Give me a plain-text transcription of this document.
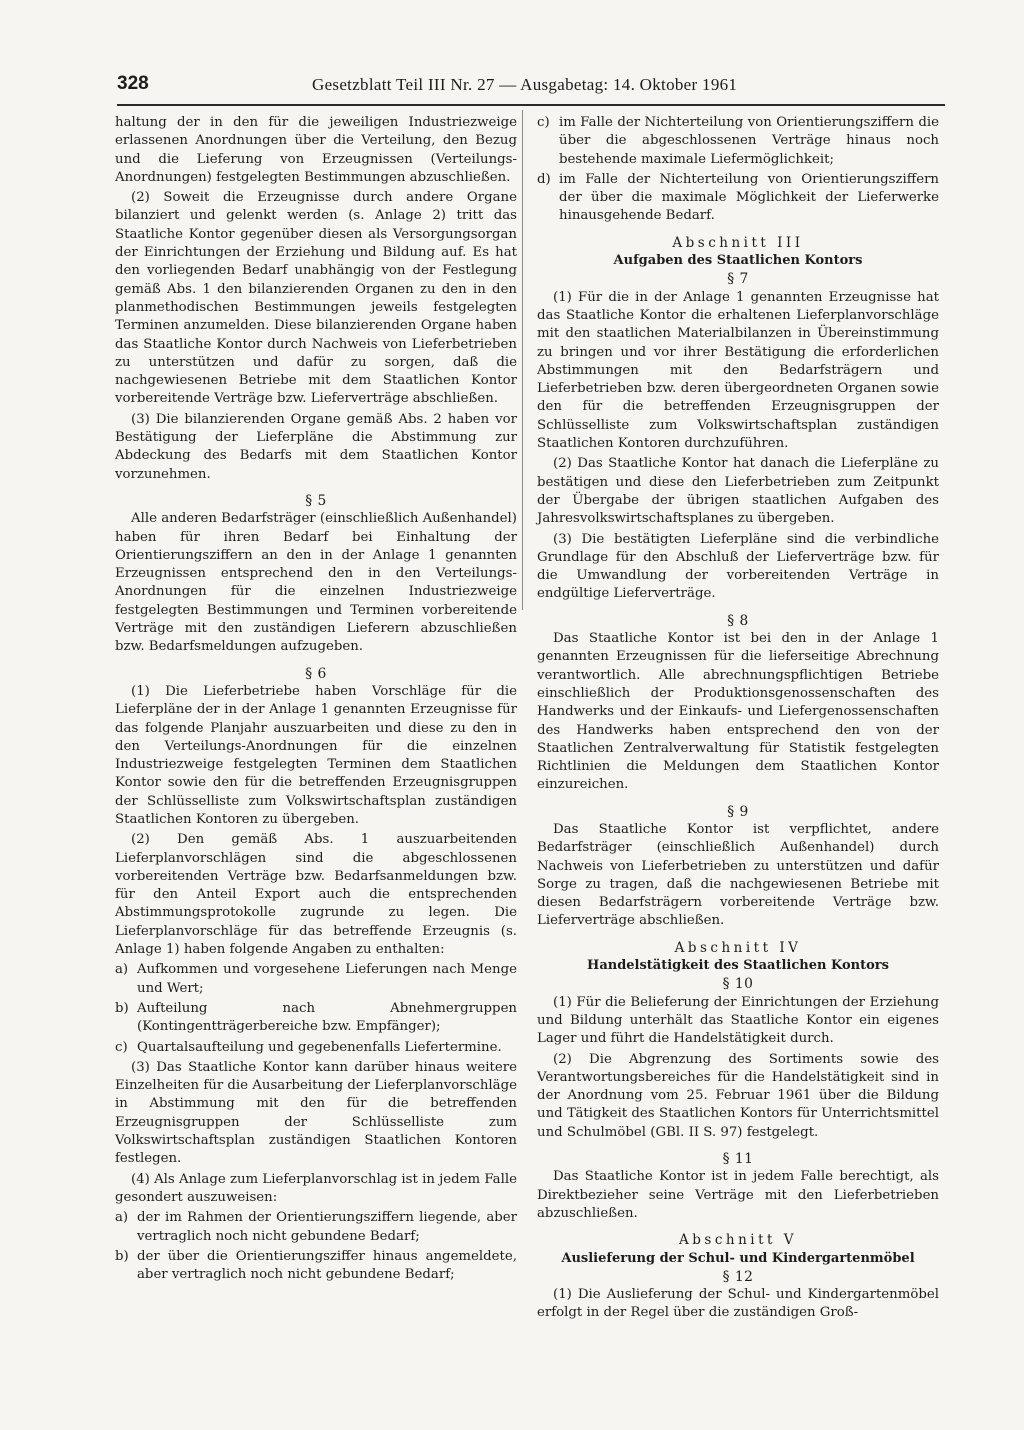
328	Gesetzblatt Teil III Nr. 27 — Ausgabetag: 14. Oktober 1961

haltung der in den für die jeweiligen Industriezweige erlassenen Anordnungen über die Verteilung, den Bezug und die Lieferung von Erzeugnissen (Verteilungs-Anordnungen) festgelegten Bestimmungen abzuschließen.

(2) Soweit die Erzeugnisse durch andere Organe bilanziert und gelenkt werden (s. Anlage 2) tritt das Staatliche Kontor gegenüber diesen als Versorgungsorgan der Einrichtungen der Erziehung und Bildung auf. Es hat den vorliegenden Bedarf unabhängig von der Festlegung gemäß Abs. 1 den bilanzierenden Organen zu den in den planmethodischen Bestimmungen jeweils festgelegten Terminen anzumelden. Diese bilanzierenden Organe haben das Staatliche Kontor durch Nachweis von Lieferbetrieben zu unterstützen und dafür zu sorgen, daß die nachgewiesenen Betriebe mit dem Staatlichen Kontor vorbereitende Verträge bzw. Lieferverträge abschließen.

(3) Die bilanzierenden Organe gemäß Abs. 2 haben vor Bestätigung der Lieferpläne die Abstimmung zur Abdeckung des Bedarfs mit dem Staatlichen Kontor vorzunehmen.

§ 5

Alle anderen Bedarfsträger (einschließlich Außenhandel) haben für ihren Bedarf bei Einhaltung der Orientierungsziffern an den in der Anlage 1 genannten Erzeugnissen entsprechend den in den Verteilungs-Anordnungen für die einzelnen Industriezweige festgelegten Bestimmungen und Terminen vorbereitende Verträge mit den zuständigen Lieferern abzuschließen bzw. Bedarfsmeldungen aufzugeben.

§ 6

(1) Die Lieferbetriebe haben Vorschläge für die Lieferpläne der in der Anlage 1 genannten Erzeugnisse für das folgende Planjahr auszuarbeiten und diese zu den in den Verteilungs-Anordnungen für die einzelnen Industriezweige festgelegten Terminen dem Staatlichen Kontor sowie den für die betreffenden Erzeugnisgruppen der Schlüsselliste zum Volkswirtschaftsplan zuständigen Staatlichen Kontoren zu übergeben.

(2) Den gemäß Abs. 1 auszuarbeitenden Lieferplanvorschlägen sind die abgeschlossenen vorbereitenden Verträge bzw. Bedarfsanmeldungen bzw. für den Anteil Export auch die entsprechenden Abstimmungsprotokolle zugrunde zu legen. Die Lieferplanvorschläge für das betreffende Erzeugnis (s. Anlage 1) haben folgende Angaben zu enthalten:

a) Aufkommen und vorgesehene Lieferungen nach Menge und Wert;
b) Aufteilung nach Abnehmergruppen (Kontingentträgerbereiche bzw. Empfänger);
c) Quartalsaufteilung und gegebenenfalls Liefertermine.

(3) Das Staatliche Kontor kann darüber hinaus weitere Einzelheiten für die Ausarbeitung der Lieferplanvorschläge in Abstimmung mit den für die betreffenden Erzeugnisgruppen der Schlüsselliste zum Volkswirtschaftsplan zuständigen Staatlichen Kontoren festlegen.

(4) Als Anlage zum Lieferplanvorschlag ist in jedem Falle gesondert auszuweisen:

a) der im Rahmen der Orientierungsziffern liegende, aber vertraglich noch nicht gebundene Bedarf;
b) der über die Orientierungsziffer hinaus angemeldete, aber vertraglich noch nicht gebundene Bedarf;
c) im Falle der Nichterteilung von Orientierungsziffern die über die abgeschlossenen Verträge hinaus noch bestehende maximale Liefermöglichkeit;
d) im Falle der Nichterteilung von Orientierungsziffern der über die maximale Möglichkeit der Lieferwerke hinausgehende Bedarf.
Abschnitt III
Aufgaben des Staatlichen Kontors
§ 7

(1) Für die in der Anlage 1 genannten Erzeugnisse hat das Staatliche Kontor die erhaltenen Lieferplanvorschläge mit den staatlichen Materialbilanzen in Übereinstimmung zu bringen und vor ihrer Bestätigung die erforderlichen Abstimmungen mit den Bedarfsträgern und Lieferbetrieben bzw. deren übergeordneten Organen sowie den für die betreffenden Erzeugnisgruppen der Schlüsselliste zum Volkswirtschaftsplan zuständigen Staatlichen Kontoren durchzuführen.

(2) Das Staatliche Kontor hat danach die Lieferpläne zu bestätigen und diese den Lieferbetrieben zum Zeitpunkt der Übergabe der übrigen staatlichen Aufgaben des Jahresvolkswirtschaftsplanes zu übergeben.

(3) Die bestätigten Lieferpläne sind die verbindliche Grundlage für den Abschluß der Lieferverträge bzw. für die Umwandlung der vorbereitenden Verträge in endgültige Lieferverträge.

§ 8

Das Staatliche Kontor ist bei den in der Anlage 1 genannten Erzeugnissen für die lieferseitige Abrechnung verantwortlich. Alle abrechnungspflichtigen Betriebe einschließlich der Produktionsgenossenschaften des Handwerks und der Einkaufs- und Liefergenossenschaften des Handwerks haben entsprechend den von der Staatlichen Zentralverwaltung für Statistik festgelegten Richtlinien die Meldungen dem Staatlichen Kontor einzureichen.

§ 9

Das Staatliche Kontor ist verpflichtet, andere Bedarfsträger (einschließlich Außenhandel) durch Nachweis von Lieferbetrieben zu unterstützen und dafür Sorge zu tragen, daß die nachgewiesenen Betriebe mit diesen Bedarfsträgern vorbereitende Verträge bzw. Lieferverträge abschließen.

Abschnitt IV
Handelstätigkeit des Staatlichen Kontors
§ 10

(1) Für die Belieferung der Einrichtungen der Erziehung und Bildung unterhält das Staatliche Kontor ein eigenes Lager und führt die Handelstätigkeit durch.

(2) Die Abgrenzung des Sortiments sowie des Verantwortungsbereiches für die Handelstätigkeit sind in der Anordnung vom 25. Februar 1961 über die Bildung und Tätigkeit des Staatlichen Kontors für Unterrichtsmittel und Schulmöbel (GBl. II S. 97) festgelegt.

§ 11

Das Staatliche Kontor ist in jedem Falle berechtigt, als Direktbezieher seine Verträge mit den Lieferbetrieben abzuschließen.

Abschnitt V
Auslieferung der Schul- und Kindergartenmöbel
§ 12

(1) Die Auslieferung der Schul- und Kindergartenmöbel erfolgt in der Regel über die zuständigen Groß-
